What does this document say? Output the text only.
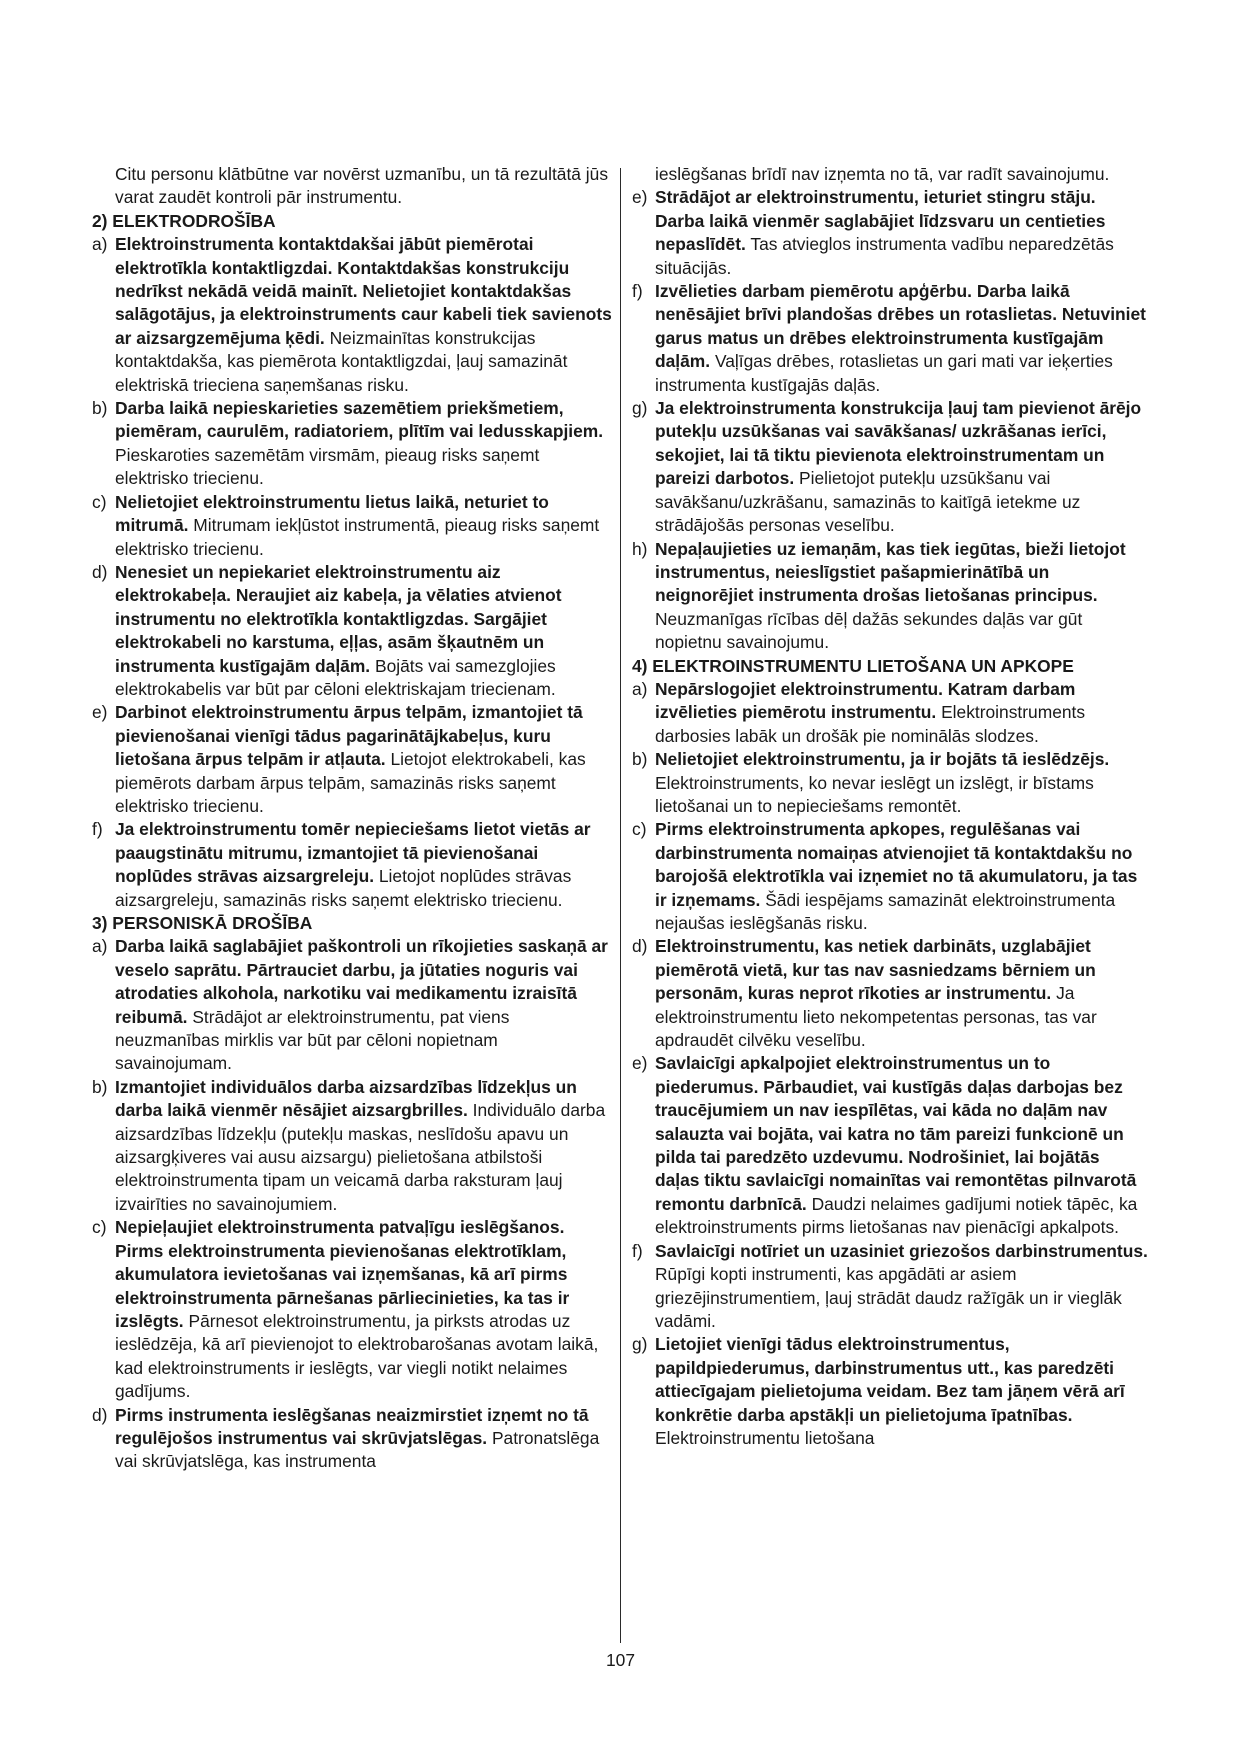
Citu personu klātbūtne var novērst uzmanību, un tā rezultātā jūs varat zaudēt kontroli pār instrumentu.

2) ELEKTRODROŠĪBA

a) Elektroinstrumenta kontaktdakšai jābūt piemērotai elektrotīkla kontaktligzdai. Kontaktdakšas konstrukciju nedrīkst nekādā veidā mainīt. Nelietojiet kontaktdakšas salāgotājus, ja elektroinstruments caur kabeli tiek savienots ar aizsargzemējuma ķēdi. Neizmainītas konstrukcijas kontaktdakša, kas piemērota kontaktligzdai, ļauj samazināt elektriskā trieciena saņemšanas risku.

b) Darba laikā nepieskarieties sazemētiem priekšmetiem, piemēram, caurulēm, radiatoriem, plītīm vai ledusskapjiem. Pieskaroties sazemētām virsmām, pieaug risks saņemt elektrisko triecienu.

c) Nelietojiet elektroinstrumentu lietus laikā, neturiet to mitrumā. Mitrumam iekļūstot instrumentā, pieaug risks saņemt elektrisko triecienu.

d) Nenesiet un nepiekariet elektroinstrumentu aiz elektrokabeļa. Neraujiet aiz kabeļa, ja vēlaties atvienot instrumentu no elektrotīkla kontaktligzdas. Sargājiet elektrokabeli no karstuma, eļļas, asām šķautnēm un instrumenta kustīgajām daļām. Bojāts vai samezglojies elektrokabelis var būt par cēloni elektriskajam triecienam.

e) Darbinot elektroinstrumentu ārpus telpām, izmantojiet tā pievienošanai vienīgi tādus pagarinātājkabeļus, kuru lietošana ārpus telpām ir atļauta. Lietojot elektrokabeli, kas piemērots darbam ārpus telpām, samazinās risks saņemt elektrisko triecienu.

f) Ja elektroinstrumentu tomēr nepieciešams lietot vietās ar paaugstinātu mitrumu, izmantojiet tā pievienošanai noplūdes strāvas aizsargreleju. Lietojot noplūdes strāvas aizsargreleju, samazinās risks saņemt elektrisko triecienu.

3) PERSONISKĀ DROŠĪBA

a) Darba laikā saglabājiet paškontroli un rīkojieties saskaņā ar veselo saprātu. Pārtrauciet darbu, ja jūtaties noguris vai atrodaties alkohola, narkotiku vai medikamentu izraisītā reibumā. Strādājot ar elektroinstrumentu, pat viens neuzmanības mirklis var būt par cēloni nopietnam savainojumam.

b) Izmantojiet individuālos darba aizsardzības līdzekļus un darba laikā vienmēr nēsājiet aizsargbrilles. Individuālo darba aizsardzības līdzekļu (putekļu maskas, neslīdošu apavu un aizsargķiveres vai ausu aizsargu) pielietošana atbilstoši elektroinstrumenta tipam un veicamā darba raksturam ļauj izvairīties no savainojumiem.

c) Nepieļaujiet elektroinstrumenta patvaļīgu ieslēgšanos. Pirms elektroinstrumenta pievienošanas elektrotīklam, akumulatora ievietošanas vai izņemšanas, kā arī pirms elektroinstrumenta pārnešanas pārliecinieties, ka tas ir izslēgts. Pārnesot elektroinstrumentu, ja pirksts atrodas uz ieslēdzēja, kā arī pievienojot to elektrobarošanas avotam laikā, kad elektroinstruments ir ieslēgts, var viegli notikt nelaimes gadījums.

d) Pirms instrumenta ieslēgšanas neaizmirstiet izņemt no tā regulējošos instrumentus vai skrūvjatslēgas. Patronatslēga vai skrūvjatslēga, kas instrumenta

ieslēgšanas brīdī nav izņemta no tā, var radīt savainojumu.

e) Strādājot ar elektroinstrumentu, ieturiet stingru stāju. Darba laikā vienmēr saglabājiet līdzsvaru un centieties nepaslīdēt. Tas atvieglos instrumenta vadību neparedzētās situācijās.

f) Izvēlieties darbam piemērotu apģērbu. Darba laikā nenēsājiet brīvi plandošas drēbes un rotaslietas. Netuviniet garus matus un drēbes elektroinstrumenta kustīgajām daļām. Vaļīgas drēbes, rotaslietas un gari mati var ieķerties instrumenta kustīgajās daļās.

g) Ja elektroinstrumenta konstrukcija ļauj tam pievienot ārējo putekļu uzsūkšanas vai savākšanas/ uzkrāšanas ierīci, sekojiet, lai tā tiktu pievienota elektroinstrumentam un pareizi darbotos. Pielietojot putekļu uzsūkšanu vai savākšanu/uzkrāšanu, samazinās to kaitīgā ietekme uz strādājošās personas veselību.

h) Nepaļaujieties uz iemaņām, kas tiek iegūtas, bieži lietojot instrumentus, neieslīgstiet pašapmierinātībā un neignorējiet instrumenta drošas lietošanas principus. Neuzmanīgas rīcības dēļ dažās sekundes daļās var gūt nopietnu savainojumu.

4) ELEKTROINSTRUMENTU LIETOŠANA UN APKOPE

a) Nepārslogojiet elektroinstrumentu. Katram darbam izvēlieties piemērotu instrumentu. Elektroinstruments darbosies labāk un drošāk pie nominālās slodzes.

b) Nelietojiet elektroinstrumentu, ja ir bojāts tā ieslēdzējs. Elektroinstruments, ko nevar ieslēgt un izslēgt, ir bīstams lietošanai un to nepieciešams remontēt.

c) Pirms elektroinstrumenta apkopes, regulēšanas vai darbinstrumenta nomaiņas atvienojiet tā kontaktdakšu no barojošā elektrotīkla vai izņemiet no tā akumulatoru, ja tas ir izņemams. Šādi iespējams samazināt elektroinstrumenta nejaušas ieslēgšanās risku.

d) Elektroinstrumentu, kas netiek darbināts, uzglabājiet piemērotā vietā, kur tas nav sasniedzams bērniem un personām, kuras neprot rīkoties ar instrumentu. Ja elektroinstrumentu lieto nekompetentas personas, tas var apdraudēt cilvēku veselību.

e) Savlaicīgi apkalpojiet elektroinstrumentus un to piederumus. Pārbaudiet, vai kustīgās daļas darbojas bez traucējumiem un nav iespīlētas, vai kāda no daļām nav salauzta vai bojāta, vai katra no tām pareizi funkcionē un pilda tai paredzēto uzdevumu. Nodrošiniet, lai bojātās daļas tiktu savlaicīgi nomainītas vai remontētas pilnvarotā remontu darbnīcā. Daudzi nelaimes gadījumi notiek tāpēc, ka elektroinstruments pirms lietošanas nav pienācīgi apkalpots.

f) Savlaicīgi notīriet un uzasiniet griezošos darbinstrumentus. Rūpīgi kopti instrumenti, kas apgādāti ar asiem griezējinstrumentiem, ļauj strādāt daudz ražīgāk un ir vieglāk vadāmi.

g) Lietojiet vienīgi tādus elektroinstrumentus, papildpiederumus, darbinstrumentus utt., kas paredzēti attiecīgajam pielietojuma veidam. Bez tam jāņem vērā arī konkrētie darba apstākļi un pielietojuma īpatnības. Elektroinstrumentu lietošana

107
